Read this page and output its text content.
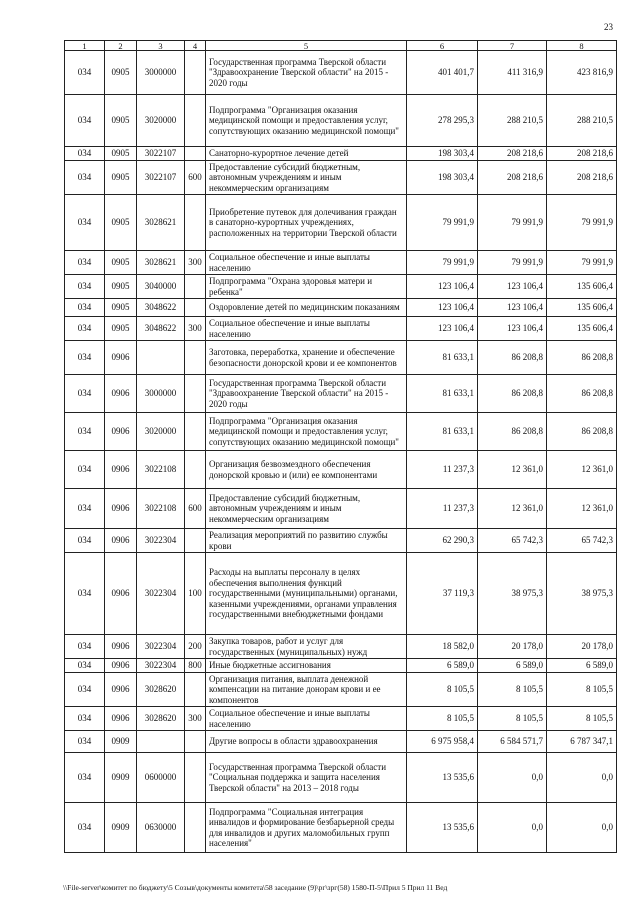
23
1	2	3	4	5	6	7	8
034	0905	3000000		Государственная программа Тверской области "Здравоохранение Тверской области" на 2015 - 2020 годы	401 401,7	411 316,9	423 816,9
034	0905	3020000		Подпрограмма "Организация оказания медицинской помощи и предоставления услуг, сопутствующих оказанию медицинской помощи"	278 295,3	288 210,5	288 210,5
034	0905	3022107		Санаторно-курортное лечение детей	198 303,4	208 218,6	208 218,6
034	0905	3022107	600	Предоставление субсидий бюджетным, автономным учреждениям и иным некоммерческим организациям	198 303,4	208 218,6	208 218,6
034	0905	3028621		Приобретение путевок для долечивания граждан в санаторно-курортных учреждениях, расположенных на территории Тверской области	79 991,9	79 991,9	79 991,9
034	0905	3028621	300	Социальное обеспечение и иные выплаты населению	79 991,9	79 991,9	79 991,9
034	0905	3040000		Подпрограмма "Охрана здоровья матери и ребенка"	123 106,4	123 106,4	135 606,4
034	0905	3048622		Оздоровление детей по медицинским показаниям	123 106,4	123 106,4	135 606,4
034	0905	3048622	300	Социальное обеспечение и иные выплаты населению	123 106,4	123 106,4	135 606,4
034	0906			Заготовка, переработка, хранение и обеспечение безопасности донорской крови и ее компонентов	81 633,1	86 208,8	86 208,8
034	0906	3000000		Государственная программа Тверской области "Здравоохранение Тверской области" на 2015 - 2020 годы	81 633,1	86 208,8	86 208,8
034	0906	3020000		Подпрограмма "Организация оказания медицинской помощи и предоставления услуг, сопутствующих оказанию медицинской помощи"	81 633,1	86 208,8	86 208,8
034	0906	3022108		Организация безвозмездного обеспечения донорской кровью и (или) ее компонентами	11 237,3	12 361,0	12 361,0
034	0906	3022108	600	Предоставление субсидий бюджетным, автономным учреждениям и иным некоммерческим организациям	11 237,3	12 361,0	12 361,0
034	0906	3022304		Реализация мероприятий по развитию службы крови	62 290,3	65 742,3	65 742,3
034	0906	3022304	100	Расходы на выплаты персоналу в целях обеспечения выполнения функций государственными (муниципальными) органами, казенными учреждениями, органами управления государственными внебюджетными фондами	37 119,3	38 975,3	38 975,3
034	0906	3022304	200	Закупка товаров, работ и услуг для государственных (муниципальных) нужд	18 582,0	20 178,0	20 178,0
034	0906	3022304	800	Иные бюджетные ассигнования	6 589,0	6 589,0	6 589,0
034	0906	3028620		Организация питания, выплата денежной компенсации на питание донорам крови и ее компонентов	8 105,5	8 105,5	8 105,5
034	0906	3028620	300	Социальное обеспечение и иные выплаты населению	8 105,5	8 105,5	8 105,5
034	0909			Другие вопросы в области здравоохранения	6 975 958,4	6 584 571,7	6 787 347,1
034	0909	0600000		Государственная программа Тверской области "Социальная поддержка и защита населения Тверской области" на 2013 – 2018 годы	13 535,6	0,0	0,0
034	0909	0630000		Подпрограмма "Социальная интеграция инвалидов и формирование безбарьерной среды для инвалидов и других маломобильных групп населения"	13 535,6	0,0	0,0
\\File-server\комитет по бюджету\5 Созыв\документы комитета\58 заседание (9)\рг\зрг(58) 1580-П-5\Прил 5 Прил 11 Вед
